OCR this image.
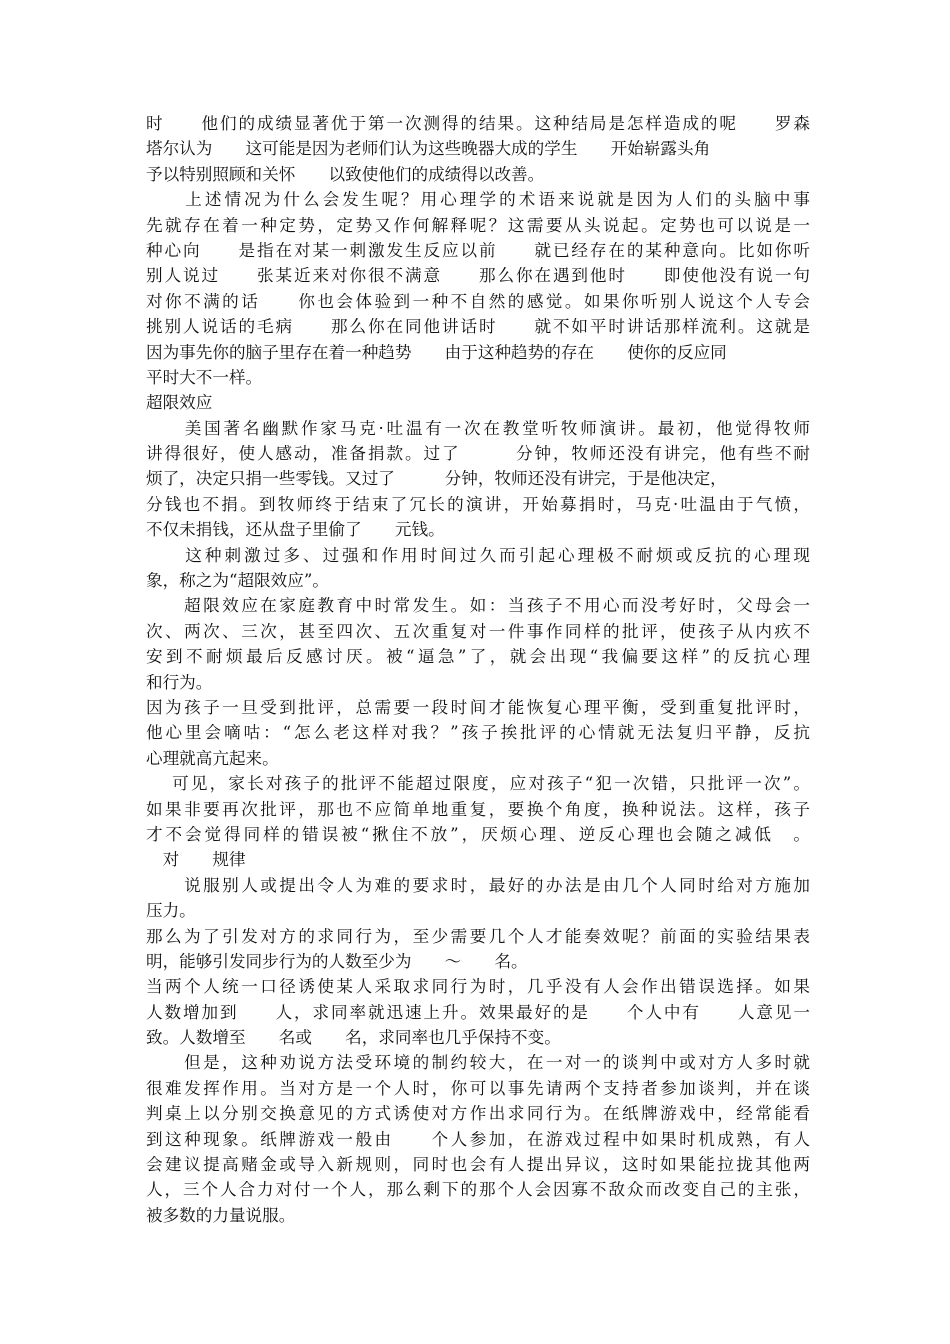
时　　他们的成绩显著优于第一次测得的结果。这种结局是怎样造成的呢　　罗森
塔尔认为　　这可能是因为老师们认为这些晚器大成的学生　　开始崭露头角
予以特别照顾和关怀　　以致使他们的成绩得以改善。
　　上述情况为什么会发生呢？用心理学的术语来说就是因为人们的头脑中事
先就存在着一种定势，定势又作何解释呢？这需要从头说起。定势也可以说是一
种心向　　是指在对某一刺激发生反应以前　　就已经存在的某种意向。比如你听
别人说过　　张某近来对你很不满意　　那么你在遇到他时　　即使他没有说一句
对你不满的话　　你也会体验到一种不自然的感觉。如果你听别人说这个人专会
挑别人说话的毛病　　那么你在同他讲话时　　就不如平时讲话那样流利。这就是
因为事先你的脑子里存在着一种趋势　　由于这种趋势的存在　　使你的反应同
平时大不一样。
超限效应
　　美国著名幽默作家马克·吐温有一次在教堂听牧师演讲。最初，他觉得牧师
讲得很好，使人感动，准备捐款。过了　　　分钟，牧师还没有讲完，他有些不耐
烦了，决定只捐一些零钱。又过了　　　分钟，牧师还没有讲完，于是他决定，
分钱也不捐。到牧师终于结束了冗长的演讲，开始募捐时，马克·吐温由于气愤，
不仅未捐钱，还从盘子里偷了　　元钱。
　　这种刺激过多、过强和作用时间过久而引起心理极不耐烦或反抗的心理现
象，称之为“超限效应”。
　　超限效应在家庭教育中时常发生。如：当孩子不用心而没考好时，父母会一
次、两次、三次，甚至四次、五次重复对一件事作同样的批评，使孩子从内疚不
安到不耐烦最后反感讨厌。被“逼急”了，就会出现“我偏要这样”的反抗心理
和行为。
因为孩子一旦受到批评，总需要一段时间才能恢复心理平衡，受到重复批评时，
他心里会嘀咕：“怎么老这样对我？”孩子挨批评的心情就无法复归平静，反抗
心理就高亢起来。
　 可见，家长对孩子的批评不能超过限度，应对孩子“犯一次错，只批评一次”。
如果非要再次批评，那也不应简单地重复，要换个角度，换种说法。这样，孩子
才不会觉得同样的错误被“揪住不放”，厌烦心理、逆反心理也会随之减低　。
　对　　规律
　　说服别人或提出令人为难的要求时，最好的办法是由几个人同时给对方施加
压力。
那么为了引发对方的求同行为，至少需要几个人才能奏效呢？前面的实验结果表
明，能够引发同步行为的人数至少为　　～　　名。
当两个人统一口径诱使某人采取求同行为时，几乎没有人会作出错误选择。如果
人数增加到　　人，求同率就迅速上升。效果最好的是　　个人中有　　人意见一
致。人数增至　　名或　　名，求同率也几乎保持不变。
　　但是，这种劝说方法受环境的制约较大，在一对一的谈判中或对方人多时就
很难发挥作用。当对方是一个人时，你可以事先请两个支持者参加谈判，并在谈
判桌上以分别交换意见的方式诱使对方作出求同行为。在纸牌游戏中，经常能看
到这种现象。纸牌游戏一般由　　个人参加，在游戏过程中如果时机成熟，有人
会建议提高赌金或导入新规则，同时也会有人提出异议，这时如果能拉拢其他两
人，三个人合力对付一个人，那么剩下的那个人会因寡不敌众而改变自己的主张，
被多数的力量说服。
